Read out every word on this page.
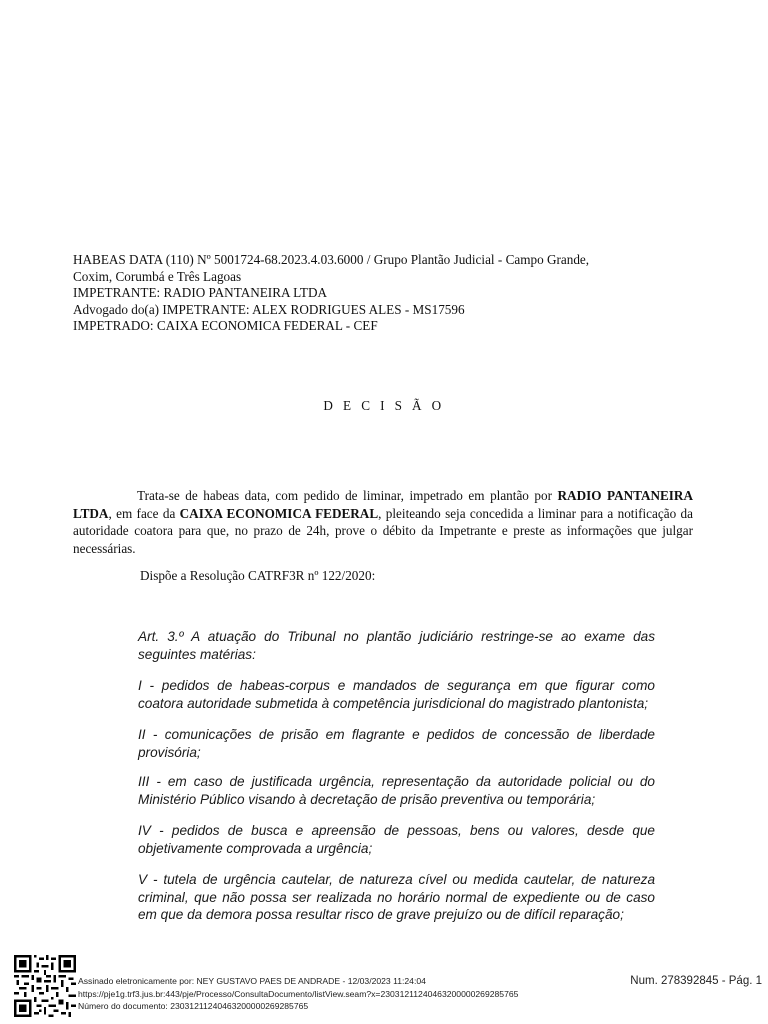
HABEAS DATA (110) Nº 5001724-68.2023.4.03.6000 / Grupo Plantão Judicial - Campo Grande,
Coxim, Corumbá e Três Lagoas
IMPETRANTE: RADIO PANTANEIRA LTDA
Advogado do(a) IMPETRANTE: ALEX RODRIGUES ALES - MS17596
IMPETRADO: CAIXA ECONOMICA FEDERAL - CEF
D E C I S Ã O
Trata-se de habeas data, com pedido de liminar, impetrado em plantão por RADIO PANTANEIRA LTDA, em face da CAIXA ECONOMICA FEDERAL, pleiteando seja concedida a liminar para a notificação da autoridade coatora para que, no prazo de 24h, prove o débito da Impetrante e preste as informações que julgar necessárias.
Dispõe a Resolução CATRF3R nº 122/2020:
Art. 3.º A atuação do Tribunal no plantão judiciário restringe-se ao exame das seguintes matérias:
I - pedidos de habeas-corpus e mandados de segurança em que figurar como coatora autoridade submetida à competência jurisdicional do magistrado plantonista;
II - comunicações de prisão em flagrante e pedidos de concessão de liberdade provisória;
III - em caso de justificada urgência, representação da autoridade policial ou do Ministério Público visando à decretação de prisão preventiva ou temporária;
IV - pedidos de busca e apreensão de pessoas, bens ou valores, desde que objetivamente comprovada a urgência;
V - tutela de urgência cautelar, de natureza cível ou medida cautelar, de natureza criminal, que não possa ser realizada no horário normal de expediente ou de caso em que da demora possa resultar risco de grave prejuízo ou de difícil reparação;
Assinado eletronicamente por: NEY GUSTAVO PAES DE ANDRADE - 12/03/2023 11:24:04
https://pje1g.trf3.jus.br:443/pje/Processo/ConsultaDocumento/listView.seam?x=23031211240463200000269285765
Número do documento: 23031211240463200000269285765
Num. 278392845 - Pág. 1
